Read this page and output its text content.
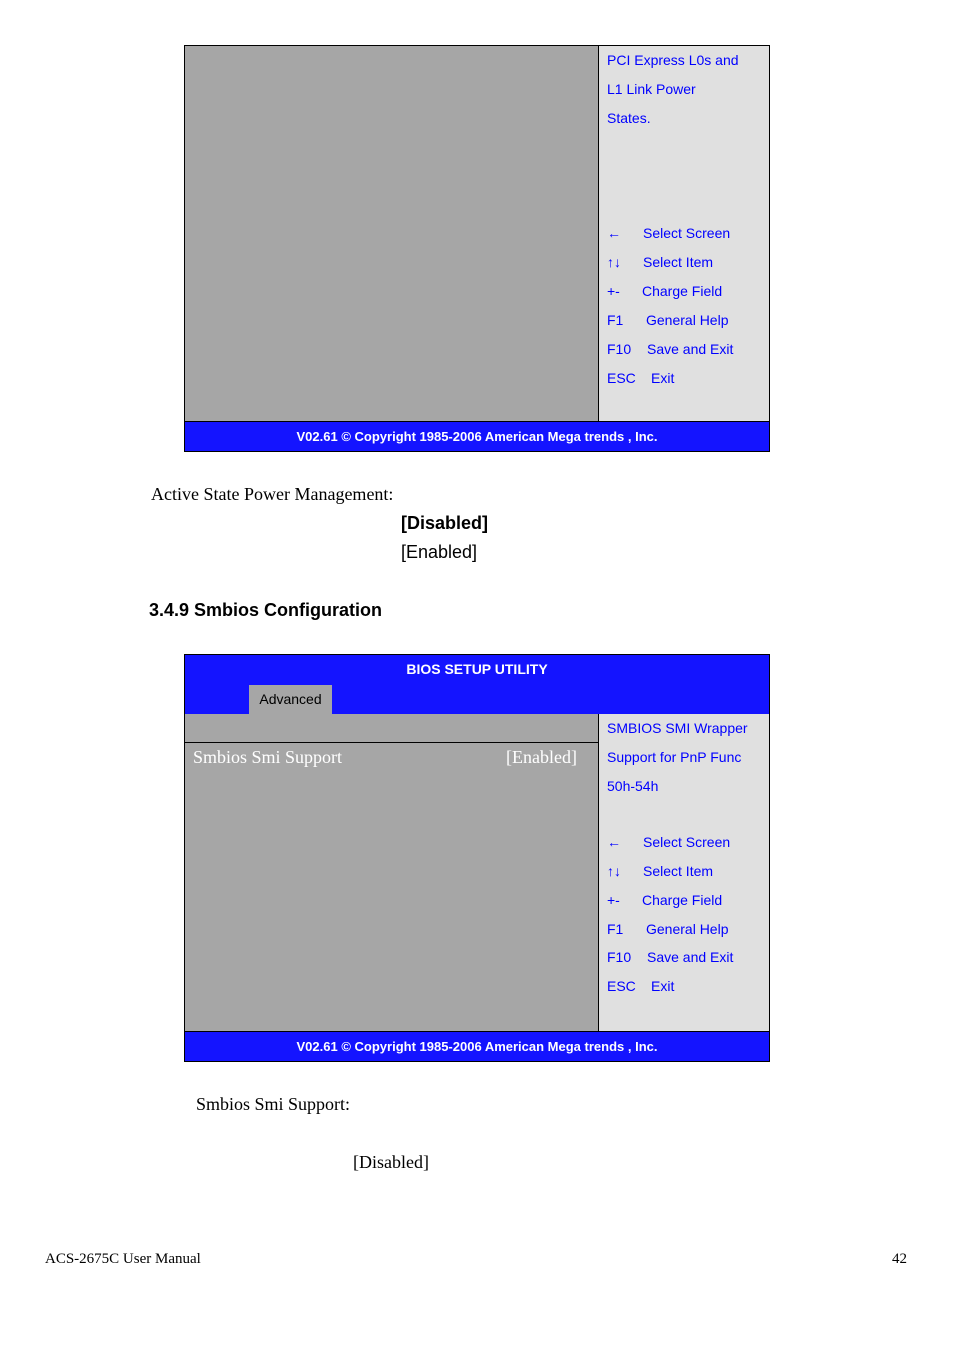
PCI Express L0s and
L1 Link Power
States.
← Select Screen
↑↓ Select Item
+- Charge Field
F1 General Help
F10 Save and Exit
ESC Exit
V02.61 © Copyright 1985-2006 American Mega trends , Inc.
Active State Power Management:
[Disabled]
[Enabled]
3.4.9 Smbios Configuration
BIOS SETUP UTILITY
Advanced
Smbios Smi Support	[Enabled]
SMBIOS SMI Wrapper
Support for PnP Func
50h-54h
← Select Screen
↑↓ Select Item
+- Charge Field
F1 General Help
F10 Save and Exit
ESC Exit
V02.61 © Copyright 1985-2006 American Mega trends , Inc.
Smbios Smi Support:
[Disabled]
ACS-2675C User Manual	42
